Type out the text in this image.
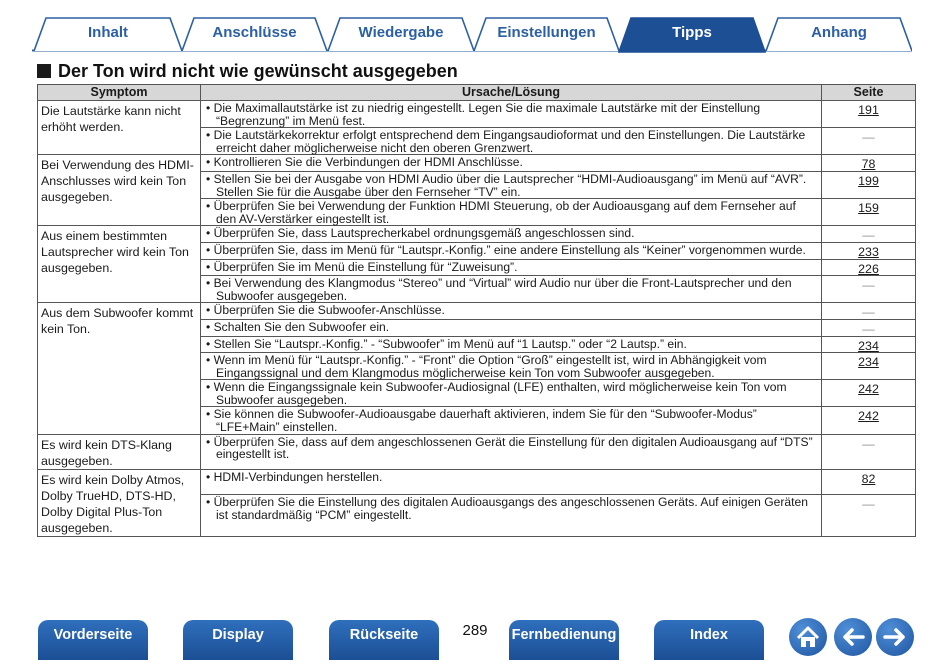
Inhalt	Anschlüsse	Wiedergabe	Einstellungen	Tipps	Anhang
Der Ton wird nicht wie gewünscht ausgegeben
Symptom	Ursache/Lösung	Seite
Die Lautstärke kann nicht erhöht werden.	• Die Maximallautstärke ist zu niedrig eingestellt. Legen Sie die maximale Lautstärke mit der Einstellung “Begrenzung” im Menü fest.	191

	• Die Lautstärkekorrektur erfolgt entsprechend dem Eingangsaudioformat und den Einstellungen. Die Lautstärke erreicht daher möglicherweise nicht den oberen Grenzwert.	—
Bei Verwendung des HDMI-Anschlusses wird kein Ton ausgegeben.	• Kontrollieren Sie die Verbindungen der HDMI Anschlüsse.	78

	• Stellen Sie bei der Ausgabe von HDMI Audio über die Lautsprecher “HDMI-Audioausgang” im Menü auf “AVR”. Stellen Sie für die Ausgabe über den Fernseher “TV” ein.	199

	• Überprüfen Sie bei Verwendung der Funktion HDMI Steuerung, ob der Audioausgang auf dem Fernseher auf den AV-Verstärker eingestellt ist.	159
Aus einem bestimmten Lautsprecher wird kein Ton ausgegeben.	• Überprüfen Sie, dass Lautsprecherkabel ordnungsgemäß angeschlossen sind.	—

	• Überprüfen Sie, dass im Menü für “Lautspr.-Konfig.” eine andere Einstellung als “Keiner” vorgenommen wurde.	233

	• Überprüfen Sie im Menü die Einstellung für “Zuweisung”.	226

	• Bei Verwendung des Klangmodus “Stereo” und “Virtual” wird Audio nur über die Front-Lautsprecher und den Subwoofer ausgegeben.	—
Aus dem Subwoofer kommt kein Ton.	• Überprüfen Sie die Subwoofer-Anschlüsse.	—

	• Schalten Sie den Subwoofer ein.	—

	• Stellen Sie “Lautspr.-Konfig.” - “Subwoofer” im Menü auf “1 Lautsp.” oder “2 Lautsp.” ein.	234

	• Wenn im Menü für “Lautspr.-Konfig.” - “Front” die Option “Groß” eingestellt ist, wird in Abhängigkeit vom Eingangssignal und dem Klangmodus möglicherweise kein Ton vom Subwoofer ausgegeben.	234

	• Wenn die Eingangssignale kein Subwoofer-Audiosignal (LFE) enthalten, wird möglicherweise kein Ton vom Subwoofer ausgegeben.	242

	• Sie können die Subwoofer-Audioausgabe dauerhaft aktivieren, indem Sie für den “Subwoofer-Modus” “LFE+Main” einstellen.	242
Es wird kein DTS-Klang ausgegeben.	• Überprüfen Sie, dass auf dem angeschlossenen Gerät die Einstellung für den digitalen Audioausgang auf “DTS” eingestellt ist.	—
Es wird kein Dolby Atmos, Dolby TrueHD, DTS-HD, Dolby Digital Plus-Ton ausgegeben.	• HDMI-Verbindungen herstellen.	82

	• Überprüfen Sie die Einstellung des digitalen Audioausgangs des angeschlossenen Geräts. Auf einigen Geräten ist standardmäßig “PCM” eingestellt.	—
Vorderseite	Display	Rückseite	289	Fernbedienung	Index
